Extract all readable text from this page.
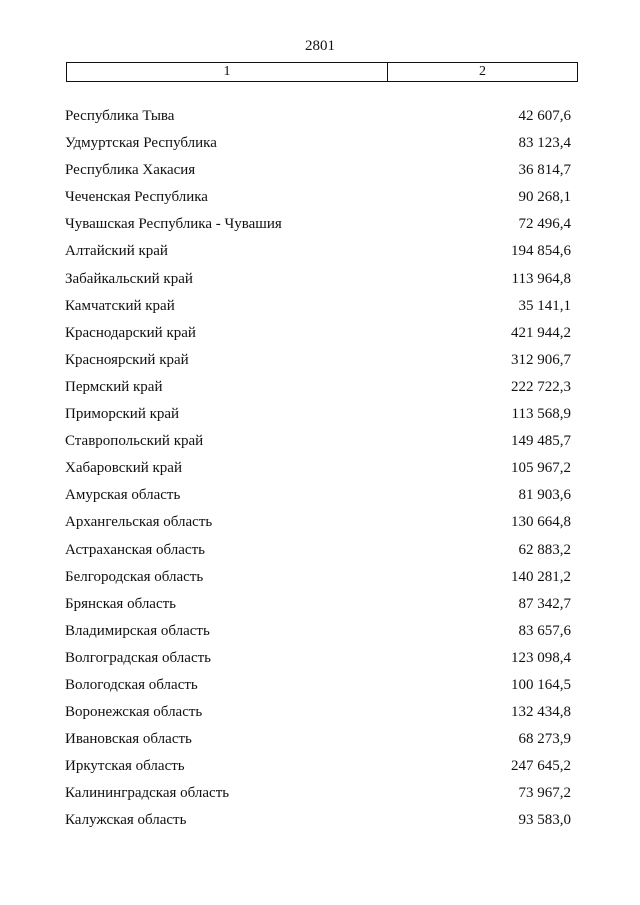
2801
1	2
Республика Тыва	42 607,6
Удмуртская Республика	83 123,4
Республика Хакасия	36 814,7
Чеченская Республика	90 268,1
Чувашская Республика - Чувашия	72 496,4
Алтайский край	194 854,6
Забайкальский край	113 964,8
Камчатский край	35 141,1
Краснодарский край	421 944,2
Красноярский край	312 906,7
Пермский край	222 722,3
Приморский край	113 568,9
Ставропольский край	149 485,7
Хабаровский край	105 967,2
Амурская область	81 903,6
Архангельская область	130 664,8
Астраханская область	62 883,2
Белгородская область	140 281,2
Брянская область	87 342,7
Владимирская область	83 657,6
Волгоградская область	123 098,4
Вологодская область	100 164,5
Воронежская область	132 434,8
Ивановская область	68 273,9
Иркутская область	247 645,2
Калининградская область	73 967,2
Калужская область	93 583,0
